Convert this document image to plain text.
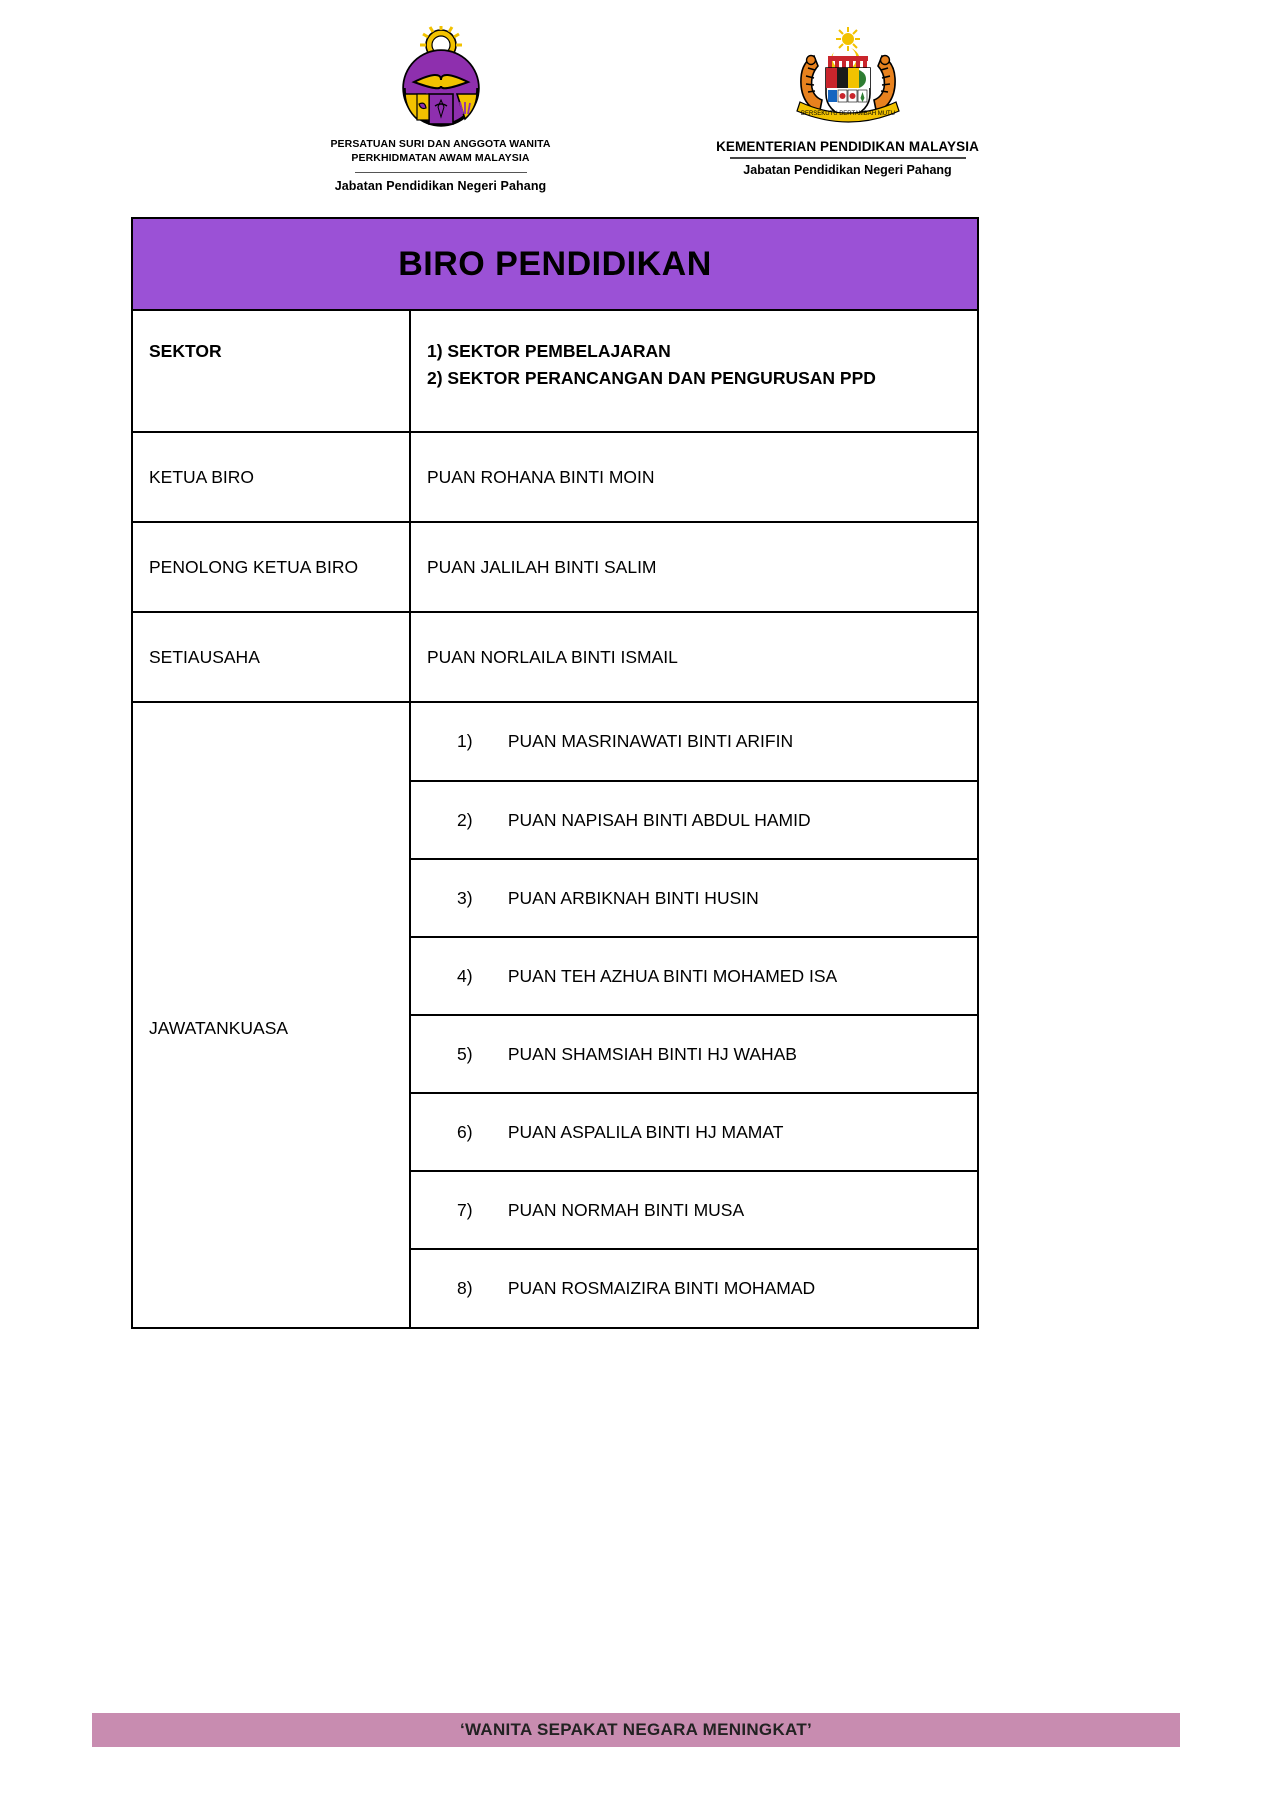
PERSATUAN SURI DAN ANGGOTA WANITA
PERKHIDMATAN AWAM MALAYSIA
Jabatan Pendidikan Negeri Pahang
BERSEKUTU BERTAMBAH MUTU
KEMENTERIAN PENDIDIKAN MALAYSIA
Jabatan Pendidikan Negeri Pahang
BIRO PENDIDIKAN
SEKTOR	1) SEKTOR PEMBELAJARAN
2) SEKTOR PERANCANGAN DAN PENGURUSAN PPD

KETUA BIRO	PUAN ROHANA BINTI MOIN
PENOLONG KETUA BIRO	PUAN JALILAH BINTI SALIM
SETIAUSAHA	PUAN NORLAILA BINTI ISMAIL
JAWATANKUASA	
1) PUAN MASRINAWATI BINTI ARIFIN
2) PUAN NAPISAH BINTI ABDUL HAMID
3) PUAN ARBIKNAH BINTI HUSIN
4) PUAN TEH AZHUA BINTI MOHAMED ISA
5) PUAN SHAMSIAH BINTI HJ WAHAB
6) PUAN ASPALILA BINTI HJ MAMAT
7) PUAN NORMAH BINTI MUSA
8) PUAN ROSMAIZIRA BINTI MOHAMAD
‘WANITA SEPAKAT NEGARA MENINGKAT’
